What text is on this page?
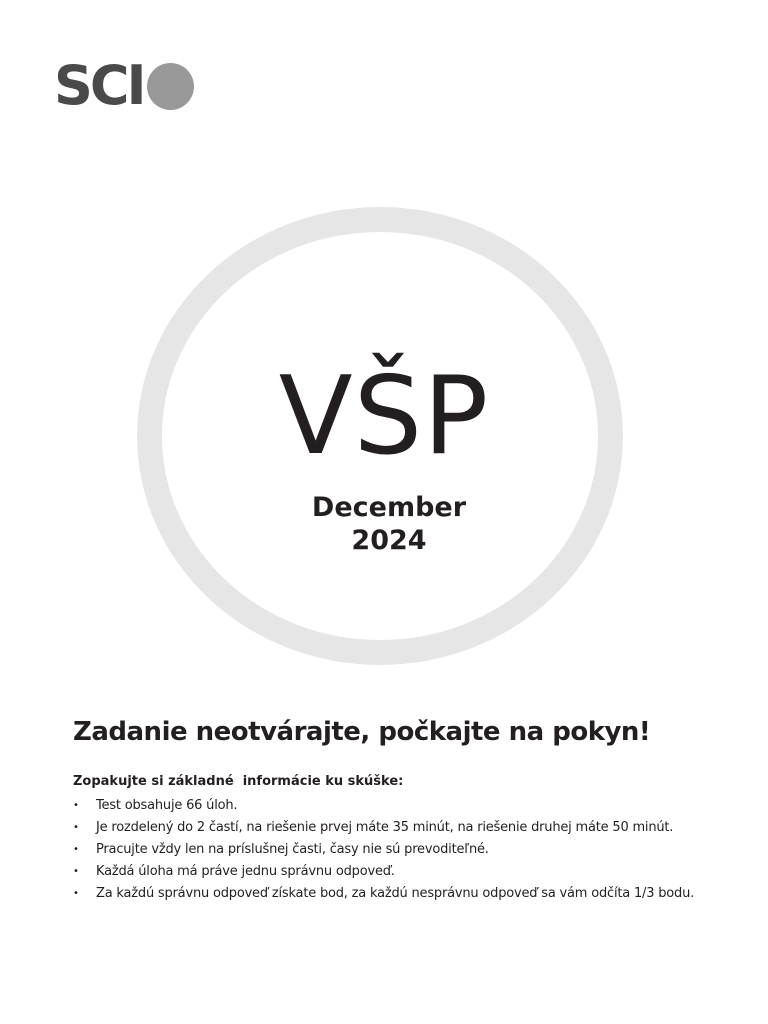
SCI
VŠP
December
2024
Zadanie neotvárajte, počkajte na pokyn!
Zopakujte si základné  informácie ku skúške:
• Test obsahuje 66 úloh.
• Je rozdelený do 2 častí, na riešenie prvej máte 35 minút, na riešenie druhej máte 50 minút.
• Pracujte vždy len na príslušnej časti, časy nie sú prevoditeľné.
• Každá úloha má práve jednu správnu odpoveď.
• Za každú správnu odpoveď získate bod, za každú nesprávnu odpoveď sa vám odčíta 1/3 bodu.
